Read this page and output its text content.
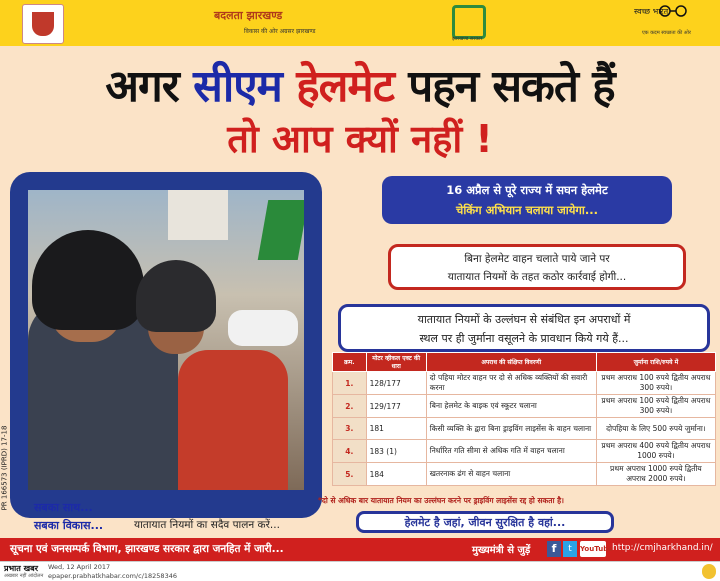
बदलता झारखण्ड
विकास की ओर अग्रसर झारखण्ड
झारखण्ड सरकार
स्वच्छ भारत
एक कदम स्वच्छता की ओर
अगर सीएम हेलमेट पहन सकते हैं
तो आप क्यों नहीं !
PR 166573 (IPRD) 17-18
16 अप्रैल से पूरे राज्य में सघन हेलमेट
चेकिंग अभियान चलाया जायेगा...
बिना हेलमेट वाहन चलाते पाये जाने पर
यातायात नियमों के तहत कठोर कार्रवाई होगी...
यातायात नियमों के उल्लंघन से संबंधित इन अपराधों में
स्थल पर ही जुर्माना वसूलने के प्रावधान किये गये हैं...
क्रम.	मोटर व्हीकल एक्ट की धारा	अपराध की संक्षिप्त विवरणी	जुर्माना राशि/रुपये में
1.	128/177	दो पहिया मोटर वाहन पर दो से अधिक व्यक्तियों की सवारी करना	प्रथम अपराध 100 रुपये द्वितीय अपराध 300 रुपये।
2.	129/177	बिना हेलमेट के बाइक एवं स्कूटर चलाना	प्रथम अपराध 100 रुपये द्वितीय अपराध 300 रुपये।
3.	181	किसी व्यक्ति के द्वारा बिना ड्राइविंग लाइसेंस के वाहन चलाना	दोपहिया के लिए 500 रुपये जुर्माना।
4.	183 (1)	निर्धारित गति सीमा से अधिक गति में वाहन चलाना	प्रथम अपराध 400 रुपये द्वितीय अपराध 1000 रुपये।
5.	184	खतरनाक ढंग से वाहन चलाना	प्रथम अपराध 1000 रुपये द्वितीय अपराध 2000 रुपये।
*दो से अधिक बार यातायात नियम का उल्लंघन करने पर ड्राइविंग लाइसेंस रद्द हो सकता है।
हेलमेट है जहां, जीवन सुरक्षित है वहां...
सबका साथ...
सबका विकास...	यातायात नियमों का सदैव पालन करें...
सूचना एवं जनसम्पर्क विभाग, झारखण्ड सरकार द्वारा जनहित में जारी...	मुख्यमंत्री से जुड़ें	f	t	YouTube http://cmjharkhand.in/
प्रभात खबर
अखबार नहीं आंदोलन
Wed, 12 April 2017
epaper.prabhatkhabar.com/c/18258346
